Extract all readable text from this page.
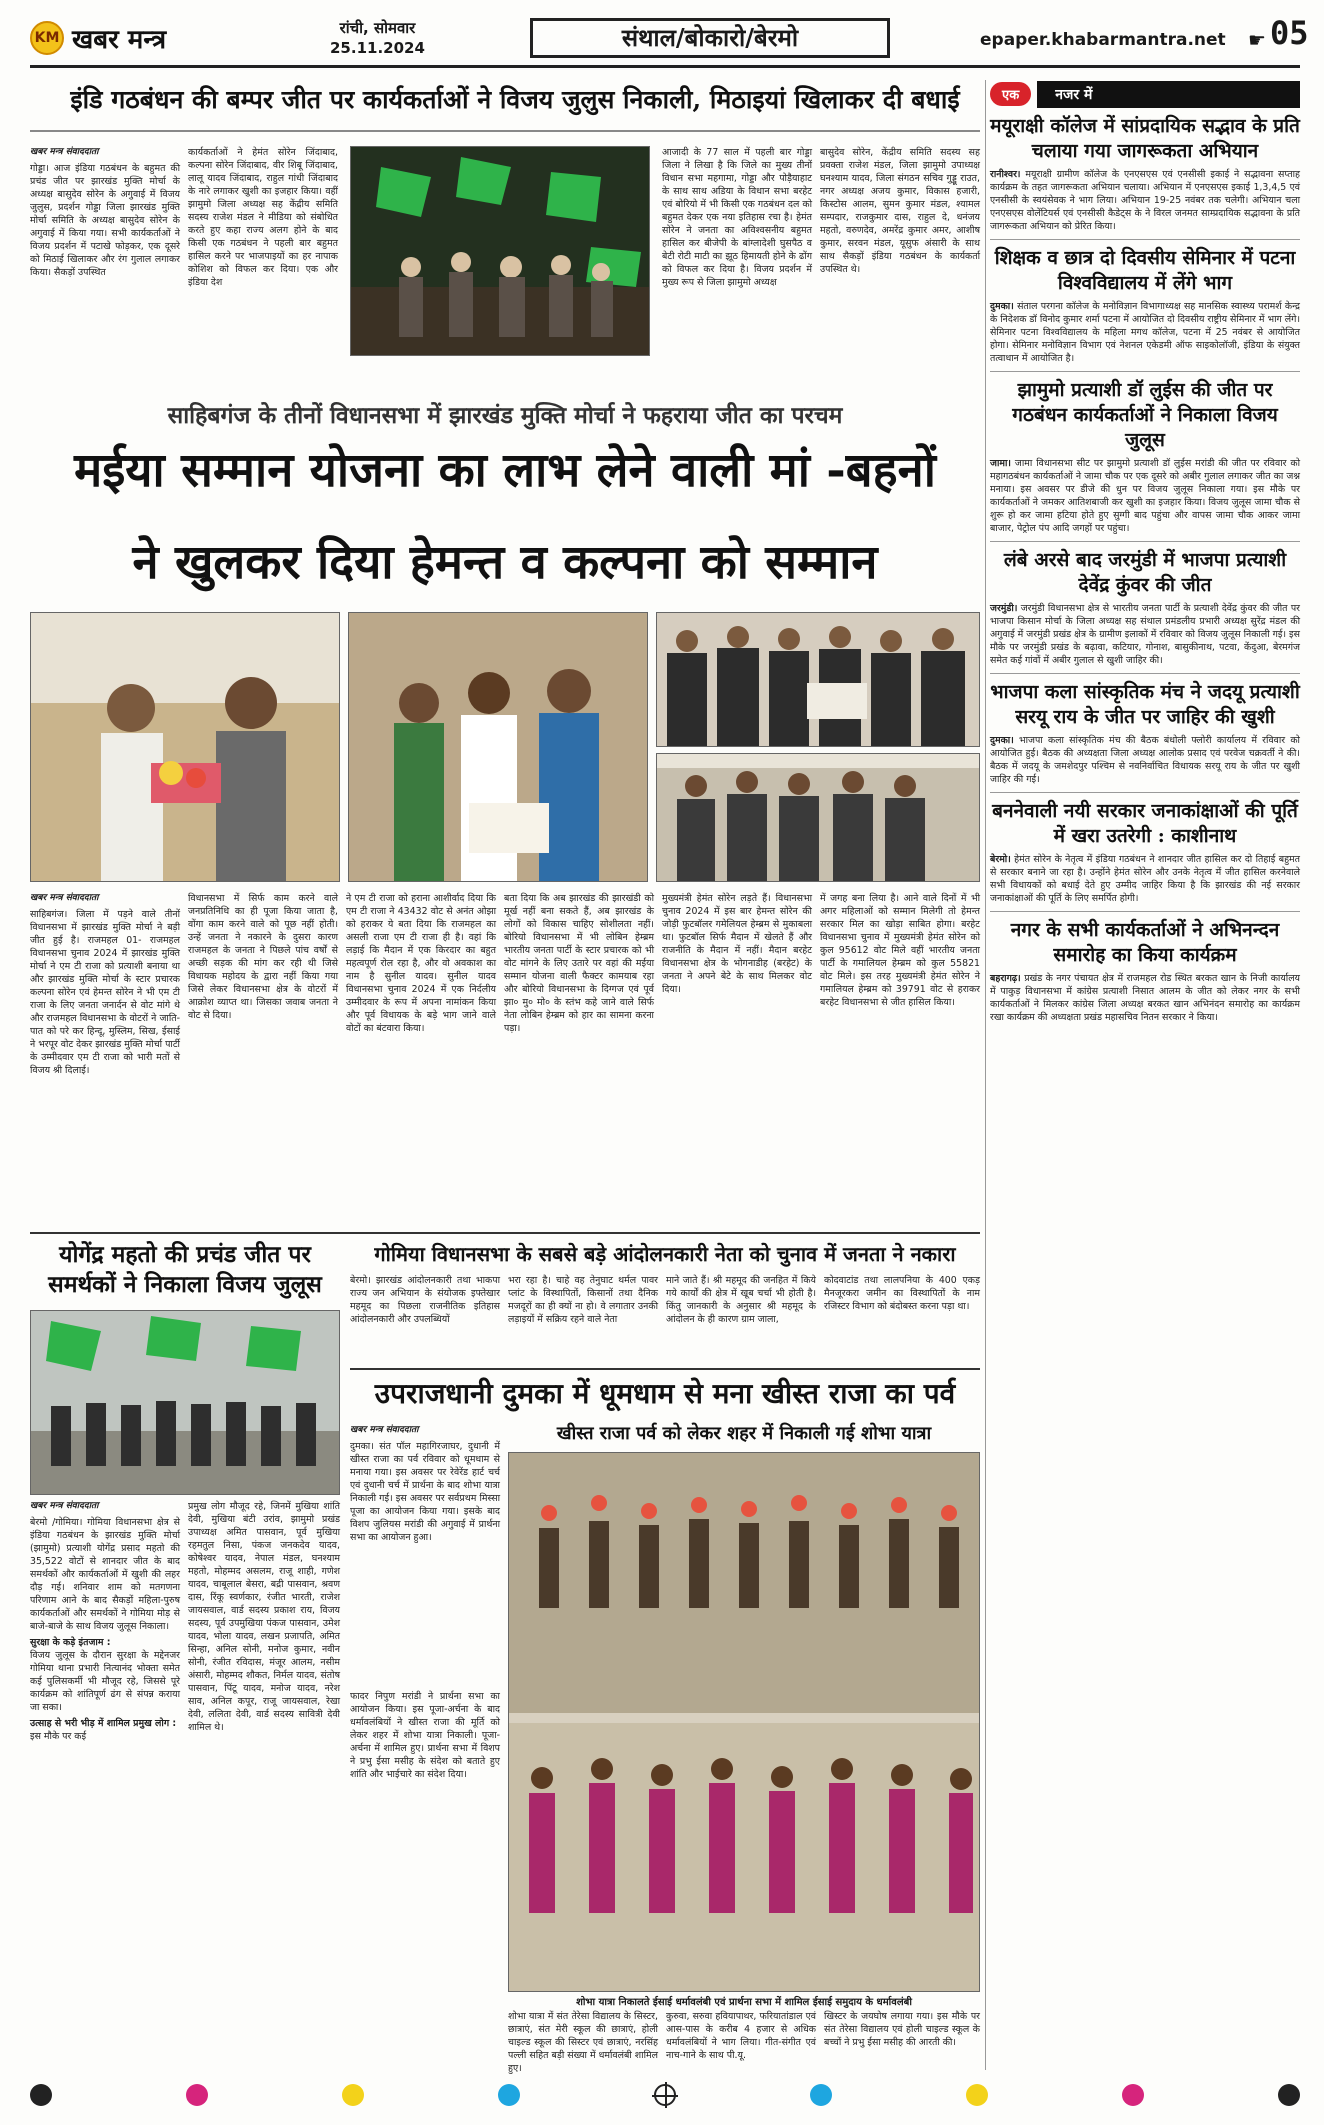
KM खबर मन्त्र	रांची, सोमवार
25.11.2024	संथाल/बोकारो/बेरमो	epaper.khabarmantra.net ☛ 05
इंडि गठबंधन की बम्पर जीत पर कार्यकर्ताओं ने विजय जुलुस निकाली, मिठाइयां खिलाकर दी बधाई
खबर मन्त्र संवाददाता
गोड्डा। आज इंडिया गठबंधन के बहुमत की प्रचंड जीत पर झारखंड मुक्ति मोर्चा के अध्यक्ष बासुदेव सोरेन के अगुवाई में विजय जुलुस, प्रदर्शन गोड्डा जिला झारखंड मुक्ति मोर्चा समिति के अध्यक्ष बासुदेव सोरेन के अगुवाई में किया गया। सभी कार्यकर्ताओं ने विजय प्रदर्शन में पटाखे फोड़कर, एक दूसरे को मिठाई खिलाकर और रंग गुलाल लगाकर किया। सैकड़ों उपस्थित
कार्यकर्ताओं ने हेमंत सोरेन जिंदाबाद, कल्पना सोरेन जिंदाबाद, वीर शिबू जिंदाबाद, लालू यादव जिंदाबाद, राहुल गांधी जिंदाबाद के नारे लगाकर खुशी का इजहार किया। वहीं झामुमो जिला अध्यक्ष सह केंद्रीय समिति सदस्य राजेश मंडल ने मीडिया को संबोधित करते हुए कहा राज्य अलग होने के बाद किसी एक गठबंधन ने पहली बार बहुमत हासिल करने पर भाजपाइयों का हर नापाक कोशिश को विफल कर दिया। एक और इंडिया देश
आजादी के 77 साल में पहली बार गोड्डा जिला ने लिखा है कि जिले का मुख्य तीनों विधान सभा महगामा, गोड्डा और पोड़ैयाहाट के साथ साथ अडिया के विधान सभा बरहेट एवं बोरियो में भी किसी एक गठबंधन दल को बहुमत देकर एक नया इतिहास रचा है। हेमंत सोरेन ने जनता का अविश्वसनीय बहुमत हासिल कर बीजेपी के बांग्लादेशी घुसपैठ व बेटी रोटी माटी का झूठ हिमायती होने के ढोंग को विफल कर दिया है। विजय प्रदर्शन में मुख्य रूप से जिला झामुमो अध्यक्ष
बासुदेव सोरेन, केंद्रीय समिति सदस्य सह प्रवक्ता राजेश मंडल, जिला झामुमो उपाध्यक्ष घनश्याम यादव, जिला संगठन सचिव गुड्डू राउत, नगर अध्यक्ष अजय कुमार, विकास हजारी, किस्टोस आलम, सुमन कुमार मंडल, श्यामल सम्पदार, राजकुमार दास, राहुल दे, धनंजय महतो, वरुणदेव, अमरेंद्र कुमार अमर, आशीष कुमार, सरवन मंडल, यूसुफ अंसारी के साथ साथ सैकड़ों इंडिया गठबंधन के कार्यकर्ता उपस्थित थे।
साहिबगंज के तीनों विधानसभा में झारखंड मुक्ति मोर्चा ने फहराया जीत का परचम
मईया सम्मान योजना का लाभ लेने वाली मां -बहनों
ने खुलकर दिया हेमन्त व कल्पना को सम्मान
खबर मन्त्र संवाददाता
साहिबगंज। जिला में पड़ने वाले तीनों विधानसभा में झारखंड मुक्ति मोर्चा ने बड़ी जीत हुई है। राजमहल 01- राजमहल विधानसभा चुनाव 2024 में झारखंड मुक्ति मोर्चा ने एम टी राजा को प्रत्याशी बनाया था और झारखंड मुक्ति मोर्चा के स्टार प्रचारक कल्पना सोरेन एवं हेमन्त सोरेन ने भी एम टी राजा के लिए जनता जनार्दन से वोट मांगे थे और राजमहल विधानसभा के वोटरों ने जाति-पात को परे कर हिन्दू, मुस्लिम, सिख, ईसाई ने भरपूर वोट देकर झारखंड मुक्ति मोर्चा पार्टी के उम्मीदवार एम टी राजा को भारी मतों से विजय श्री दिलाई।
विधानसभा में सिर्फ काम करने वाले जनप्रतिनिधि का ही पूजा किया जाता है, वोंगा काम करने वाले को पूछ नहीं होती। उन्हें जनता ने नकारने के दुसरा कारण राजमहल के जनता ने पिछले पांच वर्षों से अच्छी सड़क की मांग कर रही थी जिसे विधायक महोदय के द्वारा नहीं किया गया जिसे लेकर विधानसभा क्षेत्र के वोटरों में आक्रोश व्याप्त था। जिसका जवाब जनता ने वोट से दिया।
ने एम टी राजा को हराना आशीर्वाद दिया कि एम टी राजा ने 43432 वोट से अनंत ओझा को हराकर ये बता दिया कि राजमहल का असली राजा एम टी राजा ही है। वहां कि लड़ाई कि मैदान में एक किरदार का बहुत महत्वपूर्ण रोल रहा है, और वो अवकाश का नाम है सुनील यादव। सुनील यादव विधानसभा चुनाव 2024 में एक निर्दलीय उम्मीदवार के रूप में अपना नामांकन किया और पूर्व विधायक के बड़े भाग जाने वाले वोटों का बंटवारा किया।
बता दिया कि अब झारखंड की झारखंडी को मूर्ख नहीं बना सकते हैं, अब झारखंड के लोगों को विकास चाहिए सोशीलता नहीं। बोरियो विधानसभा में भी लोबिन हेम्ब्रम भारतीय जनता पार्टी के स्टार प्रचारक को भी वोट मांगने के लिए उतारे पर वहां की मईया सम्मान योजना वाली फैक्टर कामयाब रहा और बोरियो विधानसभा के दिग्गज एवं पूर्व झा० मु० मो० के स्तंभ कहे जाने वाले सिर्फ नेता लोबिन हेम्ब्रम को हार का सामना करना पड़ा।
मुख्यमंत्री हेमंत सोरेन लड़ते हैं। विधानसभा चुनाव 2024 में इस बार हेमन्त सोरेन की जोड़ी फुटबॉलर गमेलियल हेम्ब्रम से मुकाबला था। फुटबॉल सिर्फ मैदान में खेलते हैं और राजनीति के मैदान में नहीं। मैदान बरहेट विधानसभा क्षेत्र के भोगनाडीह (बरहेट) के जनता ने अपने बेटे के साथ मिलकर वोट दिया।
में जगह बना लिया है। आने वाले दिनों में भी अगर महिलाओं को सम्मान मिलेगी तो हेमन्त सरकार मिल का खोड़ा साबित होगा। बरहेट विधानसभा चुनाव में मुख्यमंत्री हेमंत सोरेन को कुल 95612 वोट मिले वहीं भारतीय जनता पार्टी के गमालियल हेम्ब्रम को कुल 55821 वोट मिले। इस तरह मुख्यमंत्री हेमंत सोरेन ने गमालियल हेम्ब्रम को 39791 वोट से हराकर बरहेट विधानसभा से जीत हासिल किया।
योगेंद्र महतो की प्रचंड जीत पर समर्थकों ने निकाला विजय जुलूस
खबर मन्त्र संवाददाता
बेरमो /गोमिया। गोमिया विधानसभा क्षेत्र से इंडिया गठबंधन के झारखंड मुक्ति मोर्चा (झामुमो) प्रत्याशी योगेंद्र प्रसाद महतो की 35,522 वोटों से शानदार जीत के बाद समर्थकों और कार्यकर्ताओं में खुशी की लहर दौड़ गई। शनिवार शाम को मतगणना परिणाम आने के बाद सैकड़ों महिला-पुरुष कार्यकर्ताओं और समर्थकों ने गोमिया मोड़ से बाजे-बाजे के साथ विजय जुलूस निकाला।
सुरक्षा के कड़े इंतजाम :
विजय जुलूस के दौरान सुरक्षा के मद्देनजर गोमिया थाना प्रभारी नित्यानंद भोक्ता समेत कई पुलिसकर्मी भी मौजूद रहे, जिससे पूरे कार्यक्रम को शांतिपूर्ण ढंग से संपन्न कराया जा सका।
उत्साह से भरी भीड़ में शामिल प्रमुख लोग :
इस मौके पर कई
प्रमुख लोग मौजूद रहे, जिनमें मुखिया शांति देवी, मुखिया बंटी उरांव, झामुमो प्रखंड उपाध्यक्ष अमित पासवान, पूर्व मुखिया रहमतुल निसा, पंकज जनकदेव यादव, कोषेश्वर यादव, नेपाल मंडल, घनश्याम महतो, मोहम्मद असलम, राजू शाही, गणेश यादव, चाबूलाल बेसरा, बद्री पासवान, श्रवण दास, रिंकू स्वर्णकार, रंजीत भारती, राजेश जायसवाल, वार्ड सदस्य प्रकाश राय, विजय सदस्य, पूर्व उपमुखिया पंकज पासवान, उमेश यादव, भोला यादव, लखन प्रजापति, अमित सिन्हा, अनिल सोनी, मनोज कुमार, नवीन सोनी, रंजीत रविदास, मंजूर आलम, नसीम अंसारी, मोहम्मद शौकत, निर्मल यादव, संतोष पासवान, पिंटू यादव, मनोज यादव, नरेश साव, अनिल कपूर, राजू जायसवाल, रेखा देवी, ललिता देवी, वार्ड सदस्य सावित्री देवी शामिल थे।
गोमिया विधानसभा के सबसे बड़े आंदोलनकारी नेता को चुनाव में जनता ने नकारा
बेरमो। झारखंड आंदोलनकारी तथा भाकपा राज्य जन अभियान के संयोजक इफ्तेखार महमूद का पिछला राजनीतिक इतिहास आंदोलनकारी और उपलब्धियों
भरा रहा है। चाहे वह तेनुघाट थर्मल पावर प्लांट के विस्थापितों, किसानों तथा दैनिक मजदूरों का ही क्यों ना हो। वे लगातार उनकी लड़ाइयों में सक्रिय रहने वाले नेता
माने जाते हैं। श्री महमूद की जनहित में किये गये कार्यों की क्षेत्र में खूब चर्चा भी होती है। किंतु जानकारी के अनुसार श्री महमूद के आंदोलन के ही कारण ग्राम जाला,
कोदवाटांड तथा लालपनिया के 400 एकड़ मैनजूरकरा जमीन का विस्थापितों के नाम रजिस्टर विभाग को बंदोबस्त करना पड़ा था।
उपराजधानी दुमका में धूमधाम से मना खीस्त राजा का पर्व
खबर मन्त्र संवाददाता
दुमका। संत पॉल महागिरजाघर, दुधानी में खीस्त राजा का पर्व रविवार को धूमधाम से मनाया गया। इस अवसर पर रेवेरेंड हार्ट चर्च एवं दुधानी चर्च में प्रार्थना के बाद शोभा यात्रा निकाली गई। इस अवसर पर सर्वप्रथम मिस्सा पूजा का आयोजन किया गया। इसके बाद विशप जुलियस मरांडी की अगुवाई में प्रार्थना सभा का आयोजन हुआ।
फादर निपुण मरांडी ने प्रार्थना सभा का आयोजन किया। इस पूजा-अर्चना के बाद धर्मावलंबियों ने खीस्त राजा की मूर्ति को लेकर शहर में शोभा यात्रा निकाली। पूजा-अर्चना में शामिल हुए। प्रार्थना सभा में विशप ने प्रभु ईसा मसीह के संदेश को बताते हुए शांति और भाईचारे का संदेश दिया।
खीस्त राजा पर्व को लेकर शहर में निकाली गई शोभा यात्रा
शोभा यात्रा निकालते ईसाई धर्मावलंबी एवं प्रार्थना सभा में शामिल ईसाई समुदाय के धर्मावलंबी
शोभा यात्रा में संत तेरेसा विद्यालय के सिस्टर, छात्राएं, संत मेरी स्कूल की छात्राएं, होली चाइल्ड स्कूल की सिस्टर एवं छात्राएं, नरसिंह पल्ली सहित बड़ी संख्या में धर्मावलंबी शामिल हुए।
कुरुवा, सरुवा हवियापाथर, फरियातांडाल एवं आस-पास के करीब 4 हजार से अधिक धर्मावलंबियों ने भाग लिया। गीत-संगीत एवं नाच-गाने के साथ पी.यू.
खिस्टर के जयघोष लगाया गया। इस मौके पर संत तेरेसा विद्यालय एवं होली चाइल्ड स्कूल के बच्चों ने प्रभु ईसा मसीह की आरती की।
एक	नजर में
मयूराक्षी कॉलेज में सांप्रदायिक सद्भाव के प्रति चलाया गया जागरूकता अभियान
रानीश्वर। मयूराक्षी ग्रामीण कॉलेज के एनएसएस एवं एनसीसी इकाई ने सद्भावना सप्ताह कार्यक्रम के तहत जागरूकता अभियान चलाया। अभियान में एनएसएस इकाई 1,3,4,5 एवं एनसीसी के स्वयंसेवक ने भाग लिया। अभियान 19-25 नवंबर तक चलेगी। अभियान चला एनएसएस वोलेंटियर्स एवं एनसीसी कैडेट्स के ने विरल जनमत साम्प्रदायिक सद्भावना के प्रति जागरूकता अभियान को प्रेरित किया।
शिक्षक व छात्र दो दिवसीय सेमिनार में पटना विश्वविद्यालय में लेंगे भाग
दुमका। संताल परगना कॉलेज के मनोविज्ञान विभागाध्यक्ष सह मानसिक स्वास्थ्य परामर्श केन्द्र के निदेशक डॉ विनोद कुमार शर्मा पटना में आयोजित दो दिवसीय राष्ट्रीय सेमिनार में भाग लेंगे। सेमिनार पटना विश्वविद्यालय के महिला मगध कॉलेज, पटना में 25 नवंबर से आयोजित होगा। सेमिनार मनोविज्ञान विभाग एवं नेशनल एकेडमी ऑफ साइकोलॉजी, इंडिया के संयुक्त तत्वाधान में आयोजित है।
झामुमो प्रत्याशी डॉ लुईस की जीत पर गठबंधन कार्यकर्ताओं ने निकाला विजय जुलूस
जामा। जामा विधानसभा सीट पर झामुमो प्रत्याशी डॉ लुईस मरांडी की जीत पर रविवार को महागठबंधन कार्यकर्ताओं ने जामा चौक पर एक दूसरे को अबीर गुलाल लगाकर जीत का जश्न मनाया। इस अवसर पर डीजे की धुन पर विजय जुलूस निकाला गया। इस मौके पर कार्यकर्ताओं ने जमकर आतिशबाजी कर खुशी का इजहार किया। विजय जुलूस जामा चौक से शुरू हो कर जामा हटिया होते हुए सुग्गी बाद पहुंचा और वापस जामा चौक आकर जामा बाजार, पेट्रोल पंप आदि जगहों पर पहुंचा।
लंबे अरसे बाद जरमुंडी में भाजपा प्रत्याशी देवेंद्र कुंवर की जीत
जरमुंडी। जरमुंडी विधानसभा क्षेत्र से भारतीय जनता पार्टी के प्रत्याशी देवेंद्र कुंवर की जीत पर भाजपा किसान मोर्चा के जिला अध्यक्ष सह संथाल प्रमंडलीय प्रभारी अध्यक्ष सुरेंद्र मंडल की अगुवाई में जरमुंडी प्रखंड क्षेत्र के ग्रामीण इलाकों में रविवार को विजय जुलूस निकाली गई। इस मौके पर जरमुंडी प्रखंड के बढ़ावा, कटियार, गोनाश, बासुकीनाथ, पटवा, केंदुआ, बेरमगंज समेत कई गांवों में अबीर गुलाल से खुशी जाहिर की।
भाजपा कला सांस्कृतिक मंच ने जदयू प्रत्याशी सरयू राय के जीत पर जाहिर की खुशी
दुमका। भाजपा कला सांस्कृतिक मंच की बैठक बंधोली फ्लोरी कार्यालय में रविवार को आयोजित हुई। बैठक की अध्यक्षता जिला अध्यक्ष आलोक प्रसाद एवं परवेज चक्रवर्ती ने की। बैठक में जदयू के जमशेदपुर पश्चिम से नवनिर्वाचित विधायक सरयू राय के जीत पर खुशी जाहिर की गई।
बननेवाली नयी सरकार जनाकांक्षाओं की पूर्ति में खरा उतरेगी : काशीनाथ
बेरमो। हेमंत सोरेन के नेतृत्व में इंडिया गठबंधन ने शानदार जीत हासिल कर दो तिहाई बहुमत से सरकार बनाने जा रहा है। उन्होंने हेमंत सोरेन और उनके नेतृत्व में जीत हासिल करनेवाले सभी विधायकों को बधाई देते हुए उम्मीद जाहिर किया है कि झारखंड की नई सरकार जनाकांक्षाओं की पूर्ति के लिए समर्पित होगी।
नगर के सभी कार्यकर्ताओं ने अभिनन्दन समारोह का किया कार्यक्रम
बहरागढ़। प्रखंड के नगर पंचायत क्षेत्र में राजमहल रोड स्थित बरकत खान के निजी कार्यालय में पाकुड़ विधानसभा में कांग्रेस प्रत्याशी निसात आलम के जीत को लेकर नगर के सभी कार्यकर्ताओं ने मिलकर कांग्रेस जिला अध्यक्ष बरकत खान अभिनंदन समारोह का कार्यक्रम रखा कार्यक्रम की अध्यक्षता प्रखंड महासचिव नितन सरकार ने किया।
